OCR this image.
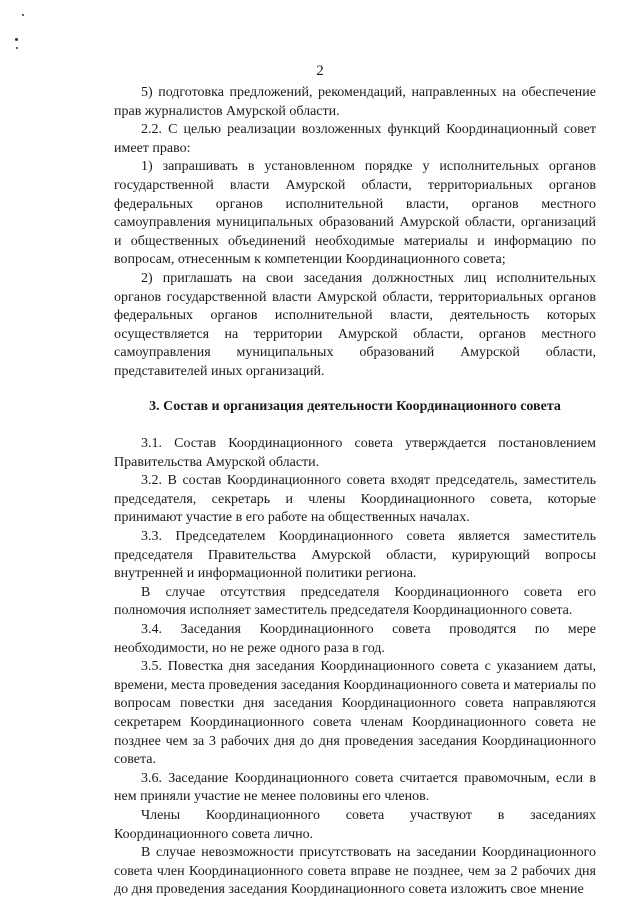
2

5) подготовка предложений, рекомендаций, направленных на обеспечение прав журналистов Амурской области.

2.2. С целью реализации возложенных функций Координационный совет имеет право:

1) запрашивать в установленном порядке у исполнительных органов государственной власти Амурской области, территориальных органов федеральных органов исполнительной власти, органов местного самоуправления муниципальных образований Амурской области, организаций и общественных объединений необходимые материалы и информацию по вопросам, отнесенным к компетенции Координационного совета;

2) приглашать на свои заседания должностных лиц исполнительных органов государственной власти Амурской области, территориальных органов федеральных органов исполнительной власти, деятельность которых осуществляется на территории Амурской области, органов местного самоуправления муниципальных образований Амурской области, представителей иных организаций.

3. Состав и организация деятельности Координационного совета

3.1. Состав Координационного совета утверждается постановлением Правительства Амурской области.

3.2. В состав Координационного совета входят председатель, заместитель председателя, секретарь и члены Координационного совета, которые принимают участие в его работе на общественных началах.

3.3. Председателем Координационного совета является заместитель председателя Правительства Амурской области, курирующий вопросы внутренней и информационной политики региона.

В случае отсутствия председателя Координационного совета его полномочия исполняет заместитель председателя Координационного совета.

3.4. Заседания Координационного совета проводятся по мере необходимости, но не реже одного раза в год.

3.5. Повестка дня заседания Координационного совета с указанием даты, времени, места проведения заседания Координационного совета и материалы по вопросам повестки дня заседания Координационного совета направляются секретарем Координационного совета членам Координационного совета не позднее чем за 3 рабочих дня до дня проведения заседания Координационного совета.

3.6. Заседание Координационного совета считается правомочным, если в нем приняли участие не менее половины его членов.

Члены Координационного совета участвуют в заседаниях Координационного совета лично.

В случае невозможности присутствовать на заседании Координационного совета член Координационного совета вправе не позднее, чем за 2 рабочих дня до дня проведения заседания Координационного совета изложить свое мнение
